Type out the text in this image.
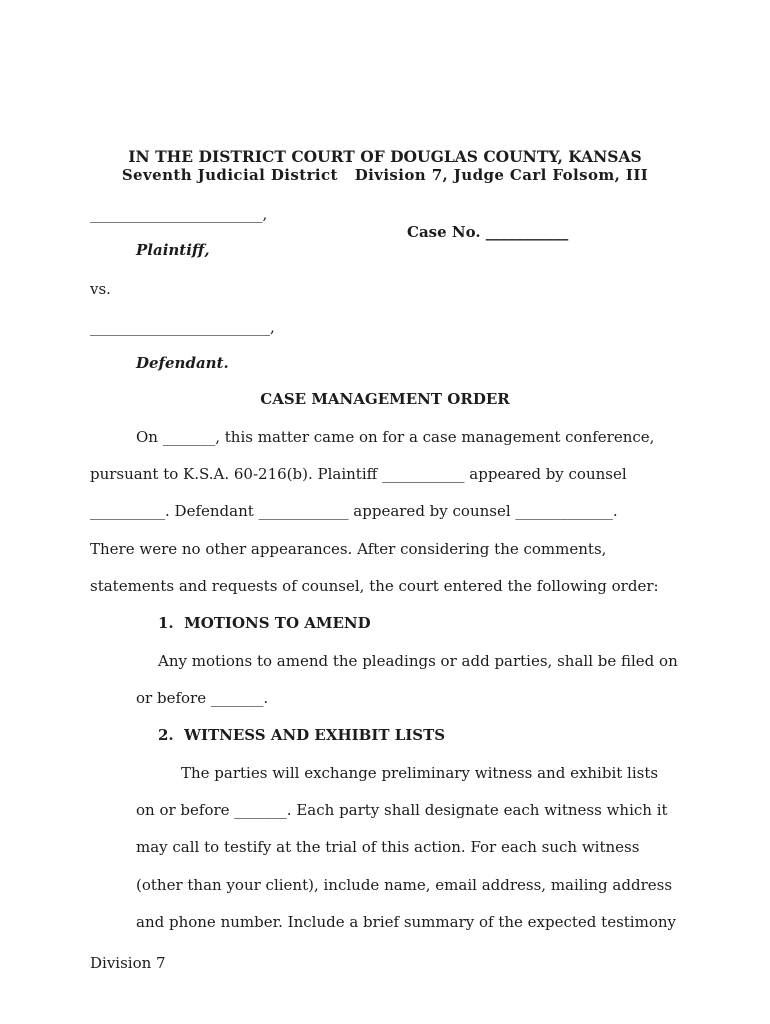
IN THE DISTRICT COURT OF DOUGLAS COUNTY, KANSAS
Seventh Judicial District   Division 7, Judge Carl Folsom, III
_______________________,
Case No. ___________
Plaintiff,
vs.
________________________,
Defendant.
CASE MANAGEMENT ORDER
On _______, this matter came on for a case management conference,
pursuant to K.S.A. 60-216(b). Plaintiff ___________ appeared by counsel
__________. Defendant ____________ appeared by counsel _____________.
There were no other appearances. After considering the comments,
statements and requests of counsel, the court entered the following order:
1.  MOTIONS TO AMEND
Any motions to amend the pleadings or add parties, shall be filed on
or before _______.
2.  WITNESS AND EXHIBIT LISTS
The parties will exchange preliminary witness and exhibit lists
on or before _______. Each party shall designate each witness which it
may call to testify at the trial of this action. For each such witness
(other than your client), include name, email address, mailing address
and phone number. Include a brief summary of the expected testimony
Division 7
